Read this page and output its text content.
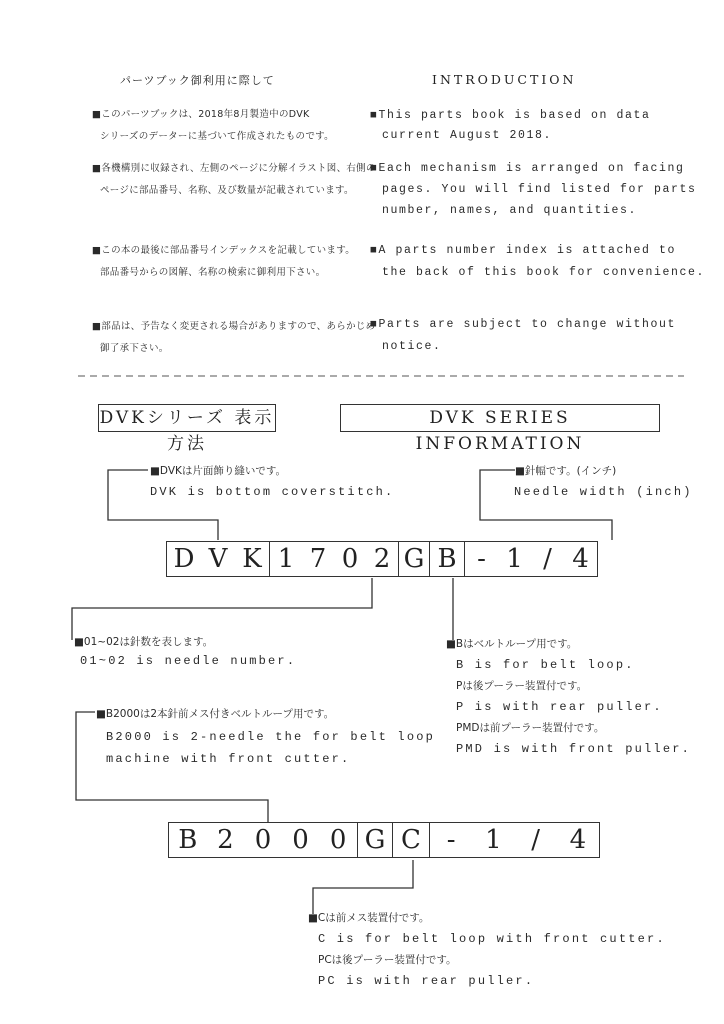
パーツブック御利用に際して	INTRODUCTION
■このパーツブックは、2018年8月製造中のDVK
シリーズのデーターに基づいて作成されたものです。
■各機構別に収録され、左側のページに分解イラスト図、右側の
ページに部品番号、名称、及び数量が記載されています。
■この本の最後に部品番号インデックスを記載しています。
部品番号からの図解、名称の検索に御利用下さい。
■部品は、予告なく変更される場合がありますので、あらかじめ
御了承下さい。
■This parts book is based on data
current August 2018.
■Each mechanism is arranged on facing
pages. You will find listed for parts
number, names, and quantities.
■A parts number index is attached to
the back of this book for convenience.
■Parts are subject to change without
notice.
DVKシリーズ 表示方法
DVK SERIES INFORMATION
■DVKは片面飾り縫いです。
DVK is bottom coverstitch.
■針幅です。(インチ)
Needle width (inch)
D V K 1 7 0 2 G B - 1 / 4
■01~02は針数を表します。
01~02 is needle number.
■Bはベルトループ用です。
B is for belt loop.
Pは後プーラー装置付です。
P is with rear puller.
PMDは前プーラー装置付です。
PMD is with front puller.
■B2000は2本針前メス付きベルトループ用です。
B2000 is 2-needle the for belt loop
machine with front cutter.
B 2 0 0 0 G C -	1	/	4
■Cは前メス装置付です。
C is for belt loop with front cutter.
PCは後プーラー装置付です。
PC is with rear puller.
